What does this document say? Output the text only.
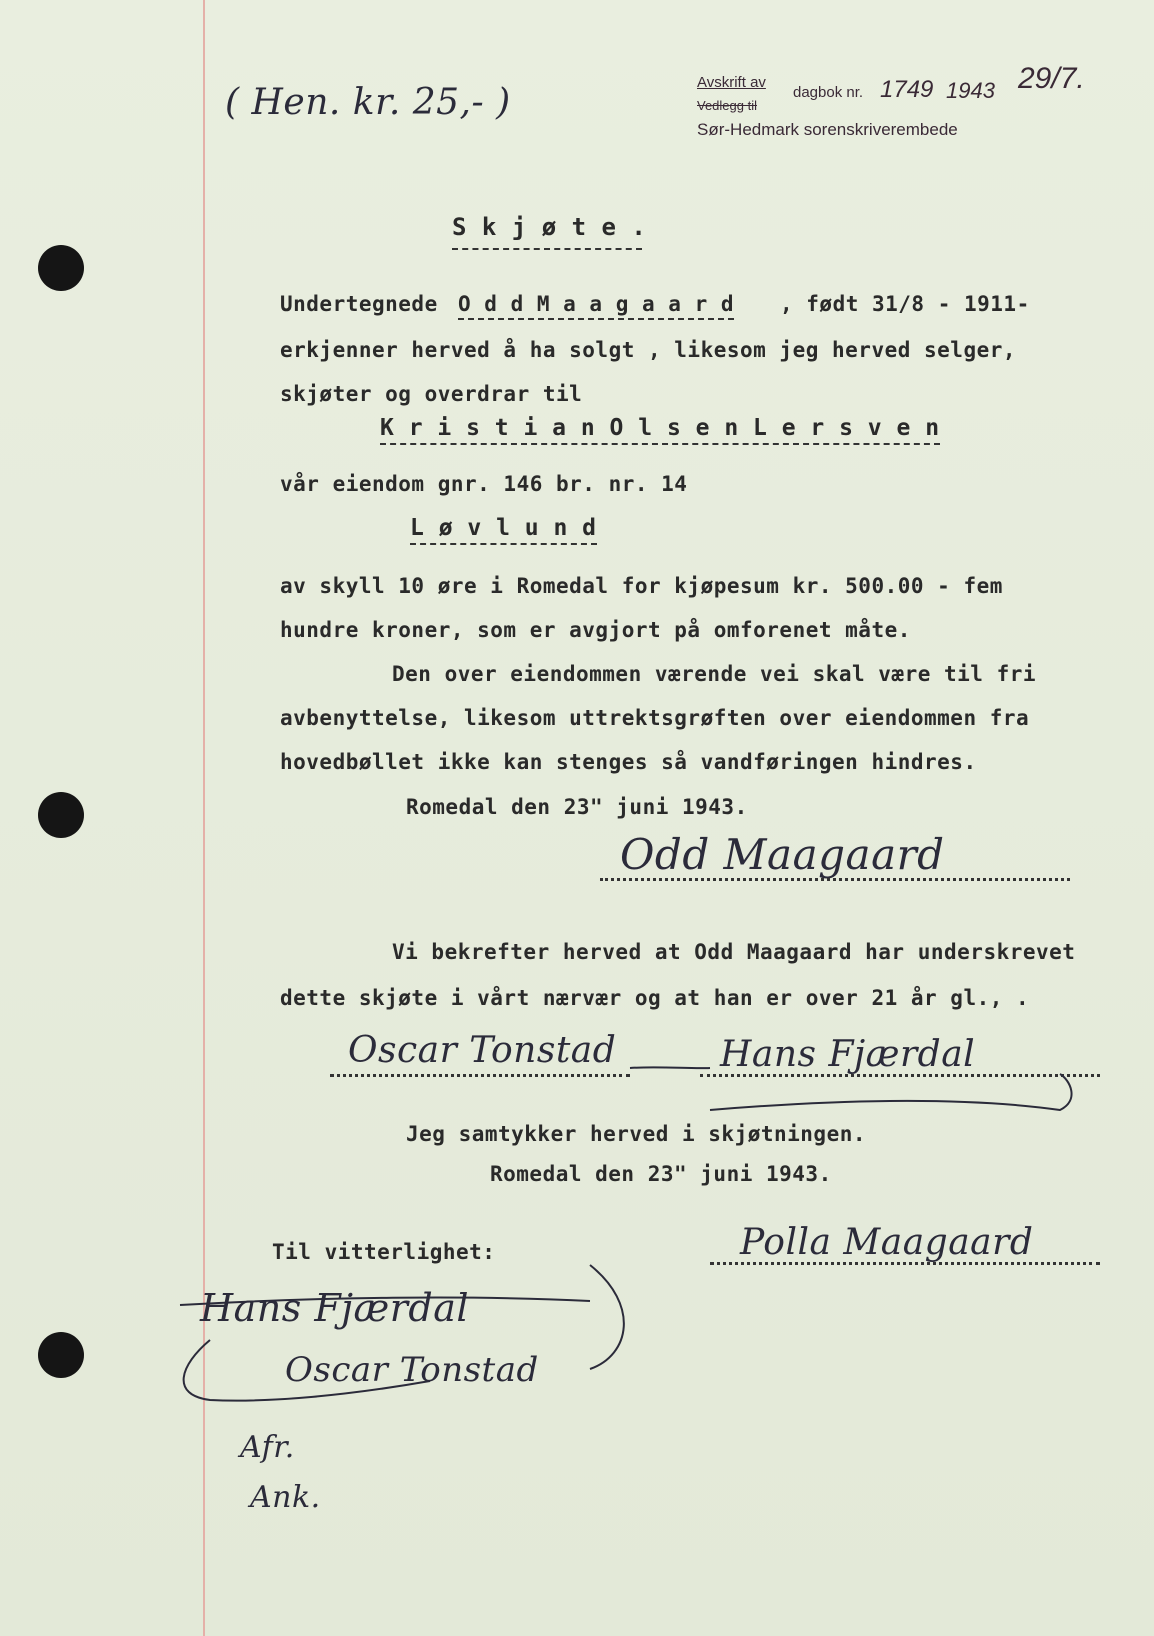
( Hen. kr. 25,- )	Avskrift av
dagbok nr. 1749 1943 29/7.
Vedlegg til
Sør-Hedmark sorenskriverembede
S k j ø t e .
Undertegnede O d d M a a g a a r d , født 31/8 - 1911-
erkjenner herved å ha solgt , likesom jeg herved selger,
skjøter og overdrar til
K r i s t i a n O l s e n L e r s v e n
vår eiendom gnr. 146 br. nr. 14
L ø v l u n d
av skyll 10 øre i Romedal for kjøpesum kr. 500.00 - fem
hundre kroner, som er avgjort på omforenet måte.
Den over eiendommen værende vei skal være til fri
avbenyttelse, likesom uttrektsgrøften over eiendommen fra
hovedbøllet ikke kan stenges så vandføringen hindres.
Romedal den 23" juni 1943.
Odd Maagaard
Vi bekrefter herved at Odd Maagaard har underskrevet
dette skjøte i vårt nærvær og at han er over 21 år gl., .
Oscar Tonstad	Hans Fjærdal
Jeg samtykker herved i skjøtningen.
Romedal den 23" juni 1943.
Til vitterlighet:	Polla Maagaard
Hans Fjærdal
Oscar Tonstad
Afr.
Ank.
